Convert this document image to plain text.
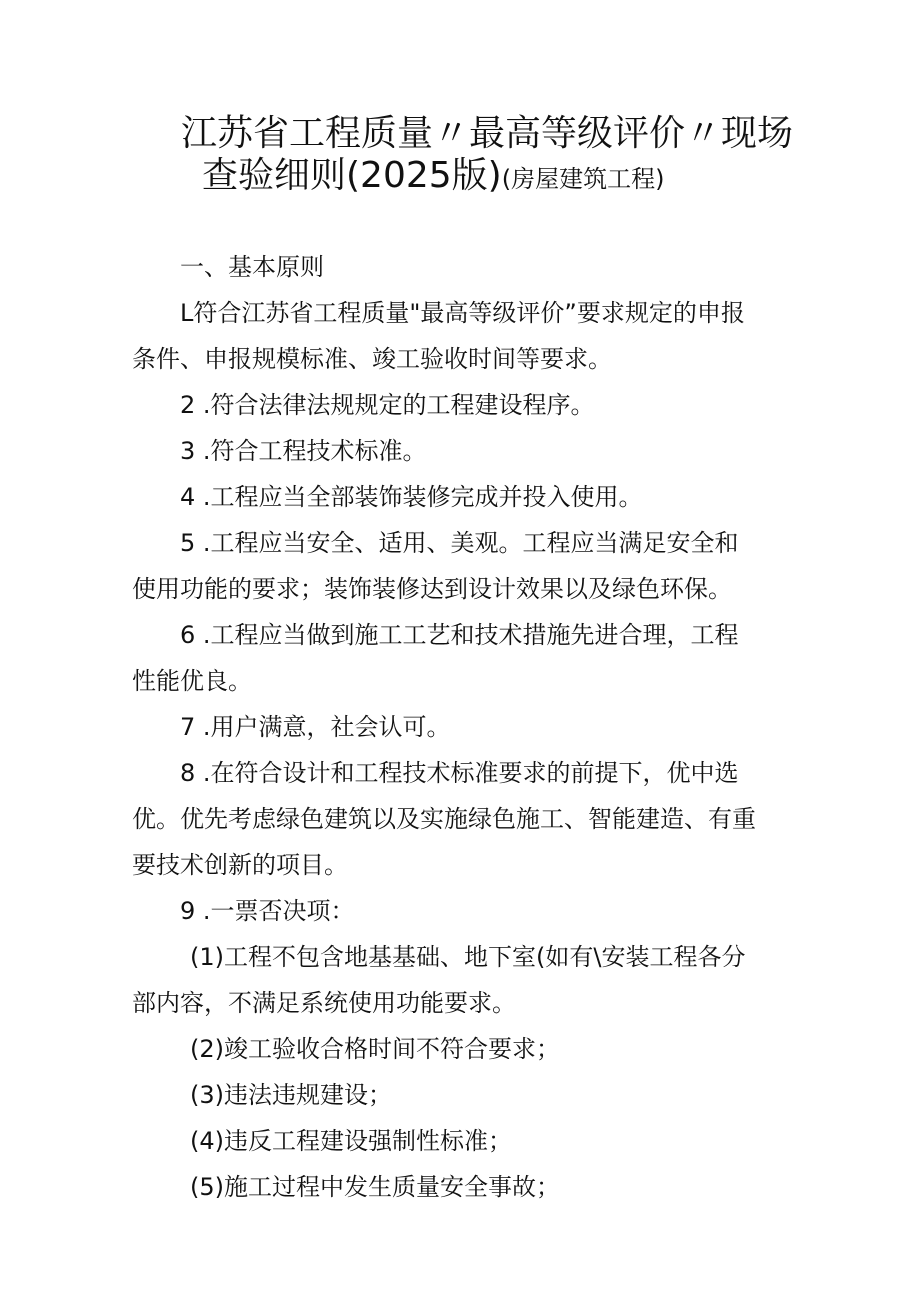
江苏省工程质量〃最高等级评价〃现场
查验细则(2025版)(房屋建筑工程)
一、基本原则
L符合江苏省工程质量"最高等级评价”要求规定的申报
条件、申报规模标准、竣工验收时间等要求。
2 .符合法律法规规定的工程建设程序。
3 .符合工程技术标准。
4 .工程应当全部装饰装修完成并投入使用。
5 .工程应当安全、适用、美观。工程应当满足安全和
使用功能的要求；装饰装修达到设计效果以及绿色环保。
6 .工程应当做到施工工艺和技术措施先进合理，工程
性能优良。
7 .用户满意，社会认可。
8 .在符合设计和工程技术标准要求的前提下，优中选
优。优先考虑绿色建筑以及实施绿色施工、智能建造、有重
要技术创新的项目。
9 .一票否决项：
(1)工程不包含地基基础、地下室(如有\安装工程各分
部内容，不满足系统使用功能要求。
(2)竣工验收合格时间不符合要求；
(3)违法违规建设；
(4)违反工程建设强制性标准；
(5)施工过程中发生质量安全事故；
